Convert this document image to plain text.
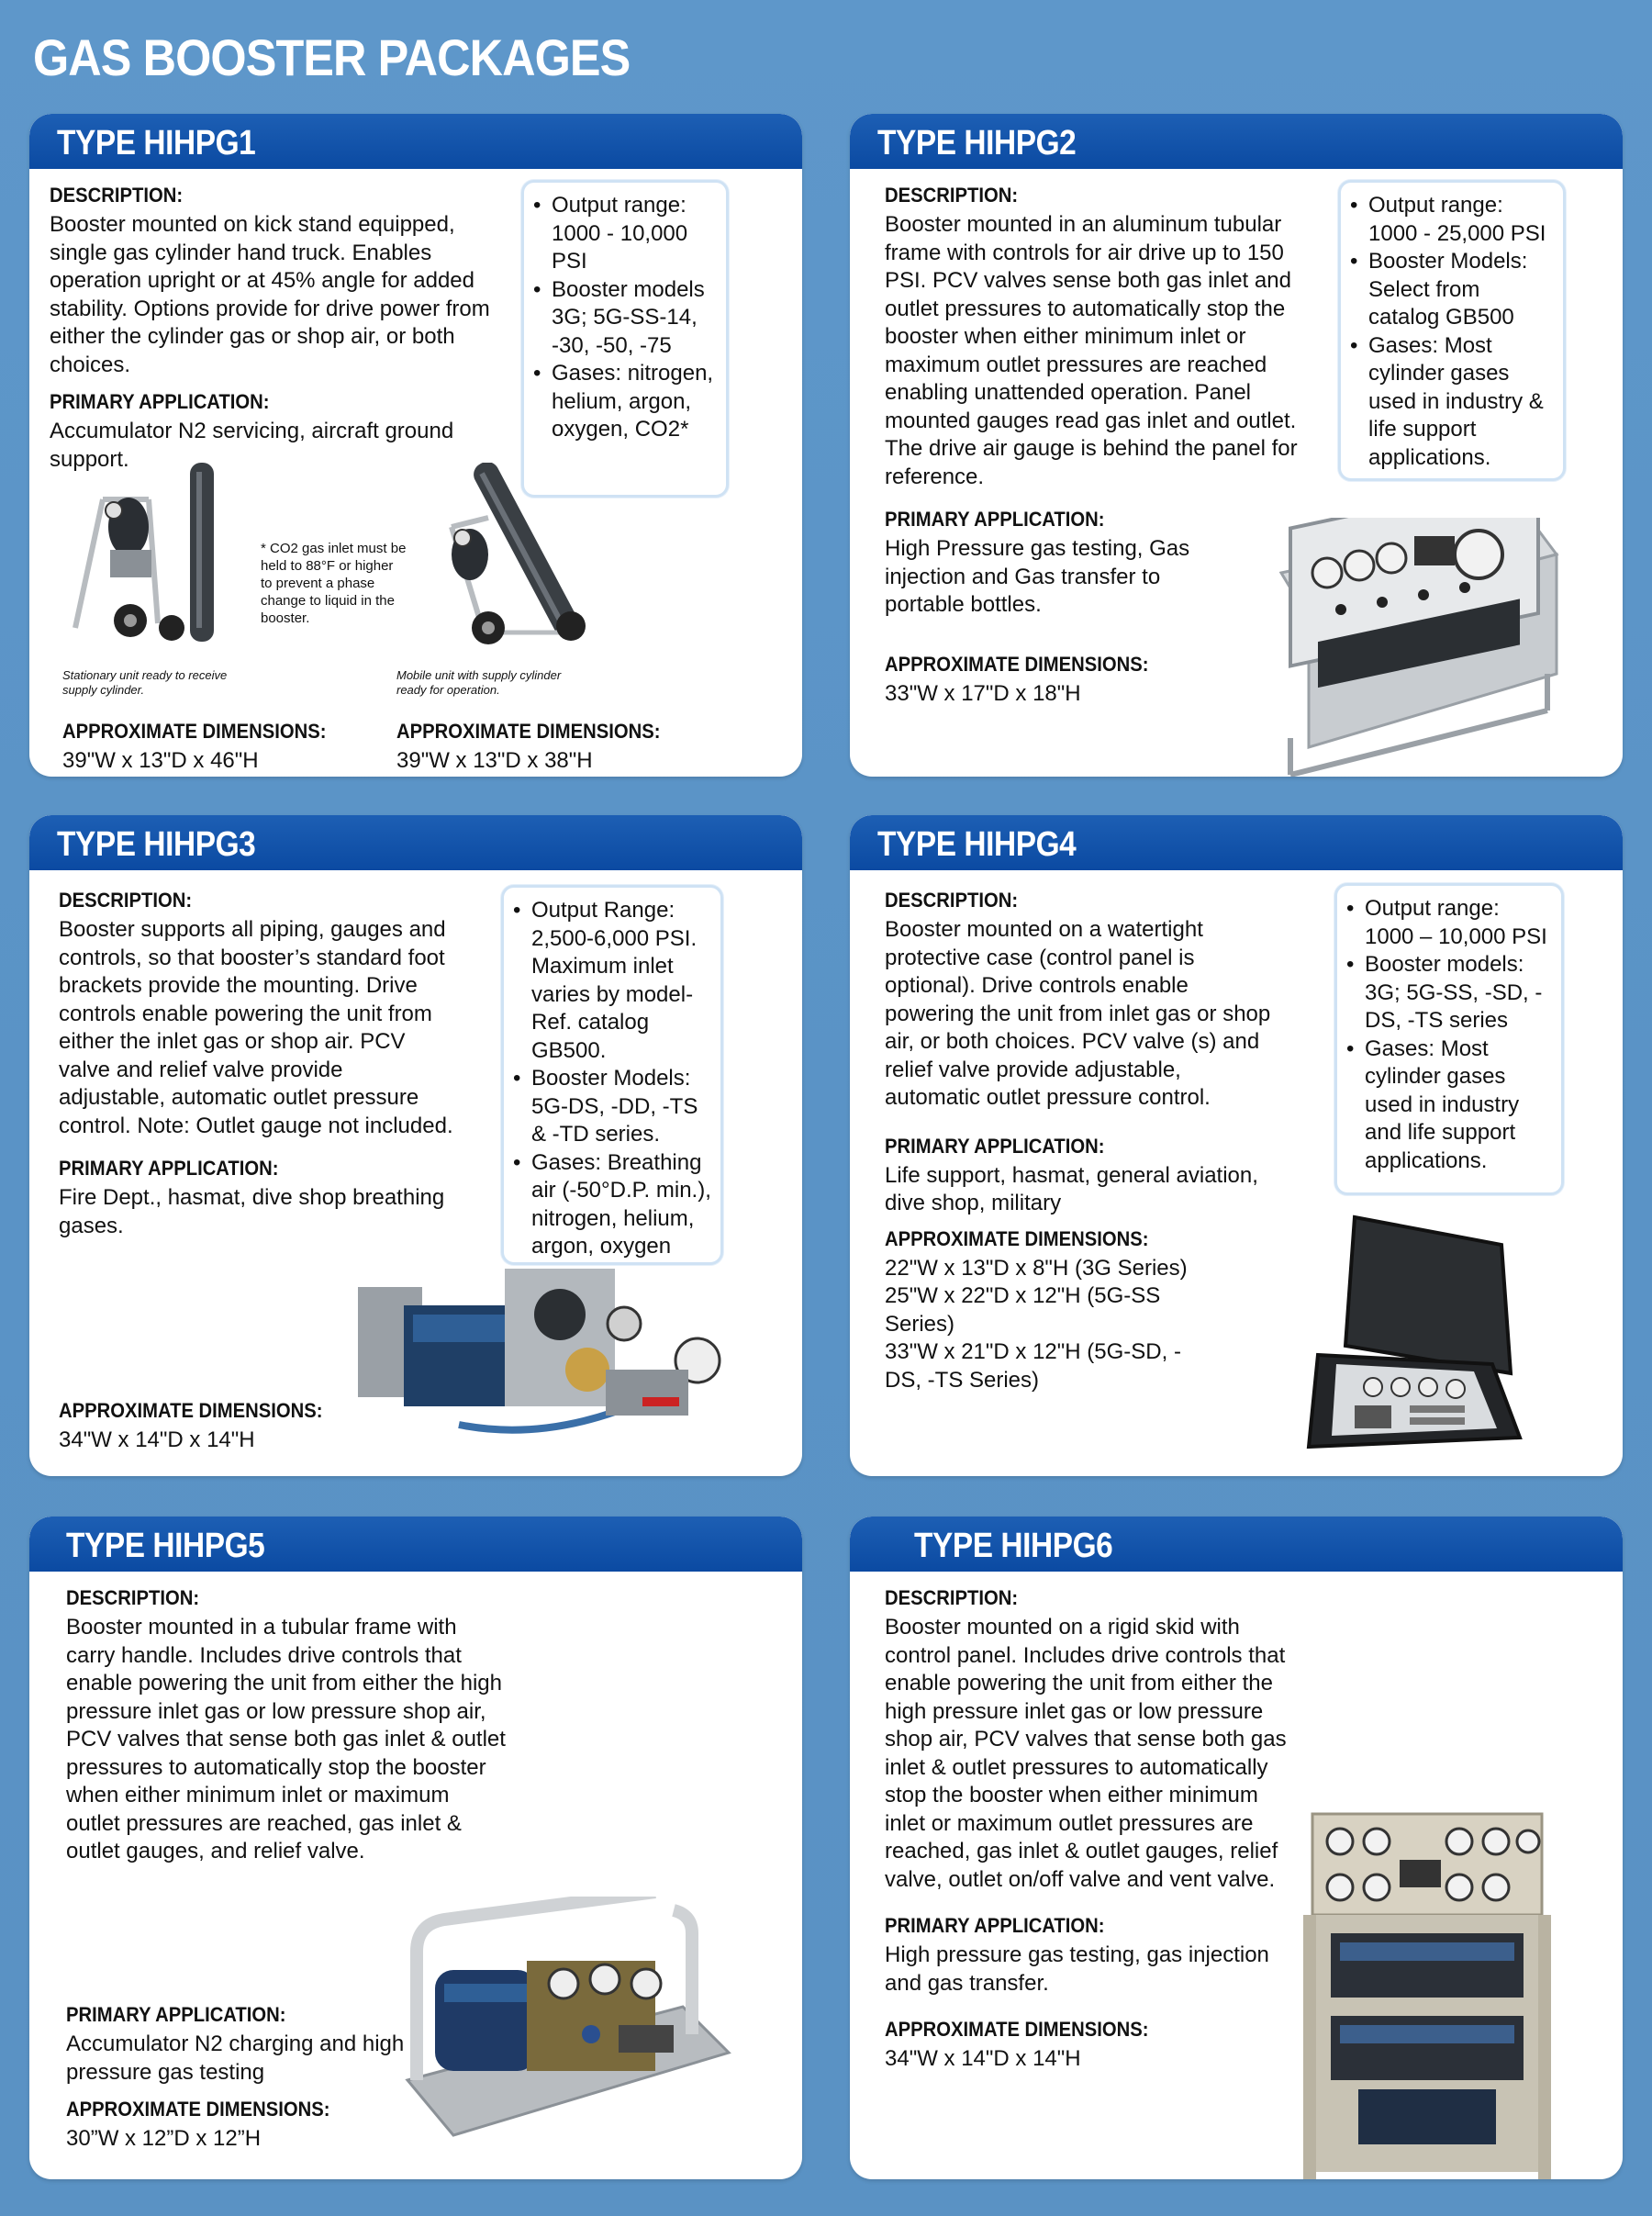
GAS BOOSTER PACKAGES
TYPE HIHPG1
DESCRIPTION:

Booster mounted on kick stand equipped, single gas cylinder hand truck. Enables operation upright or at 45% angle for added stability. Options provide for drive power from either the cylinder gas or shop air, or both choices.

PRIMARY APPLICATION:

Accumulator N2 servicing, aircraft ground support.

• Output range: 1000 - 10,000 PSI
• Booster models 3G; 5G-SS-14, -30, -50, -75
• Gases: nitrogen, helium, argon, oxygen, CO2*
* CO2 gas inlet must be held to 88°F or higher to prevent a phase change to liquid in the booster.
Stationary unit ready to receive supply cylinder.
Mobile unit with supply cylinder ready for operation.
APPROXIMATE DIMENSIONS:

39"W x 13"D x 46"H

APPROXIMATE DIMENSIONS:

39"W x 13"D x 38"H

TYPE HIHPG2
DESCRIPTION:

Booster mounted in an aluminum tubular frame with controls for air drive up to 150 PSI. PCV valves sense both gas inlet and outlet pressures to automatically stop the booster when either minimum inlet or maximum outlet pressures are reached enabling unattended operation. Panel mounted gauges read gas inlet and outlet. The drive air gauge is behind the panel for reference.

PRIMARY APPLICATION:

High Pressure gas testing, Gas injection and Gas transfer to portable bottles.

APPROXIMATE DIMENSIONS:

33"W x 17"D x 18"H

• Output range: 1000 - 25,000 PSI
• Booster Models: Select from catalog GB500
• Gases: Most cylinder gases used in industry & life support applications.
TYPE HIHPG3
DESCRIPTION:

Booster supports all piping, gauges and controls, so that booster’s standard foot brackets provide the mounting. Drive controls enable powering the unit from either the inlet gas or shop air. PCV valve and relief valve provide adjustable, automatic outlet pressure control. Note: Outlet gauge not included.

PRIMARY APPLICATION:

Fire Dept., hasmat, dive shop breathing gases.

APPROXIMATE DIMENSIONS:

34"W x 14"D x 14"H

• Output Range: 2,500-6,000 PSI. Maximum inlet varies by model- Ref. catalog GB500.
• Booster Models: 5G-DS, -DD, -TS & -TD series.
• Gases: Breathing air (-50°D.P. min.), nitrogen, helium, argon, oxygen
TYPE HIHPG4
DESCRIPTION:

Booster mounted on a watertight protective case (control panel is optional). Drive controls enable powering the unit from inlet gas or shop air, or both choices. PCV valve (s) and relief valve provide adjustable, automatic outlet pressure control.

PRIMARY APPLICATION:

Life support, hasmat, general aviation, dive shop, military

APPROXIMATE DIMENSIONS:

22"W x 13"D x 8"H (3G Series)

25"W x 22"D x 12"H (5G-SS Series)

33"W x 21"D x 12"H (5G-SD, -DS, -TS Series)

• Output range: 1000 – 10,000 PSI
• Booster models: 3G; 5G-SS, -SD, -DS, -TS series
• Gases: Most cylinder gases used in industry and life support applications.
TYPE HIHPG5
DESCRIPTION:

Booster mounted in a tubular frame with carry handle. Includes drive controls that enable powering the unit from either the high pressure inlet gas or low pressure shop air, PCV valves that sense both gas inlet & outlet pressures to automatically stop the booster when either minimum inlet or maximum outlet pressures are reached, gas inlet & outlet gauges, and relief valve.

PRIMARY APPLICATION:

Accumulator N2 charging and high pressure gas testing

APPROXIMATE DIMENSIONS:

30”W x 12”D x 12”H

TYPE HIHPG6
DESCRIPTION:

Booster mounted on a rigid skid with control panel. Includes drive controls that enable powering the unit from either the high pressure inlet gas or low pressure shop air, PCV valves that sense both gas inlet & outlet pressures to automatically stop the booster when either minimum inlet or maximum outlet pressures are reached, gas inlet & outlet gauges, relief valve, outlet on/off valve and vent valve.

PRIMARY APPLICATION:

High pressure gas testing, gas injection and gas transfer.

APPROXIMATE DIMENSIONS:

34"W x 14"D x 14"H
